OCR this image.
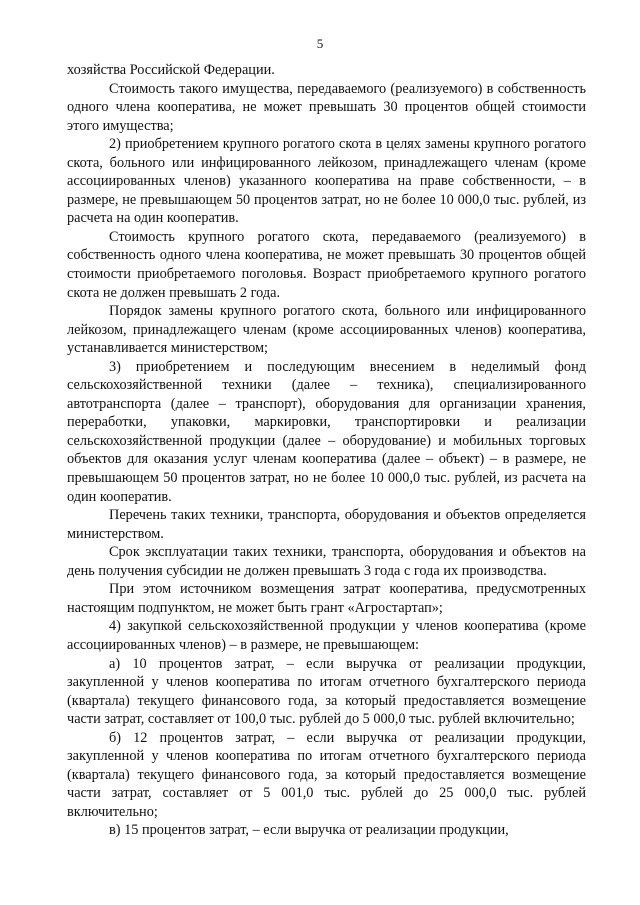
5

хозяйства Российской Федерации.

Стоимость такого имущества, передаваемого (реализуемого) в собственность одного члена кооператива, не может превышать 30 процентов общей стоимости этого имущества;

2) приобретением крупного рогатого скота в целях замены крупного рогатого скота, больного или инфицированного лейкозом, принадлежащего членам (кроме ассоциированных членов) указанного кооператива на праве собственности, – в размере, не превышающем 50 процентов затрат, но не более 10 000,0 тыс. рублей, из расчета на один кооператив.

Стоимость крупного рогатого скота, передаваемого (реализуемого) в собственность одного члена кооператива, не может превышать 30 процентов общей стоимости приобретаемого поголовья. Возраст приобретаемого крупного рогатого скота не должен превышать 2 года.

Порядок замены крупного рогатого скота, больного или инфицированного лейкозом, принадлежащего членам (кроме ассоциированных членов) кооператива, устанавливается министерством;

3) приобретением и последующим внесением в неделимый фонд сельскохозяйственной техники (далее – техника), специализированного автотранспорта (далее – транспорт), оборудования для организации хранения, переработки, упаковки, маркировки, транспортировки и реализации сельскохозяйственной продукции (далее – оборудование) и мобильных торговых объектов для оказания услуг членам кооператива (далее – объект) – в размере, не превышающем 50 процентов затрат, но не более 10 000,0 тыс. рублей, из расчета на один кооператив.

Перечень таких техники, транспорта, оборудования и объектов определяется министерством.

Срок эксплуатации таких техники, транспорта, оборудования и объектов на день получения субсидии не должен превышать 3 года с года их производства.

При этом источником возмещения затрат кооператива, предусмотренных настоящим подпунктом, не может быть грант «Агростартап»;

4) закупкой сельскохозяйственной продукции у членов кооператива (кроме ассоциированных членов) – в размере, не превышающем:

а) 10 процентов затрат, – если выручка от реализации продукции, закупленной у членов кооператива по итогам отчетного бухгалтерского периода (квартала) текущего финансового года, за который предоставляется возмещение части затрат, составляет от 100,0 тыс. рублей до 5 000,0 тыс. рублей включительно;

б) 12 процентов затрат, – если выручка от реализации продукции, закупленной у членов кооператива по итогам отчетного бухгалтерского периода (квартала) текущего финансового года, за который предоставляется возмещение части затрат, составляет от 5 001,0 тыс. рублей до 25 000,0 тыс. рублей включительно;

в) 15 процентов затрат, – если выручка от реализации продукции,
